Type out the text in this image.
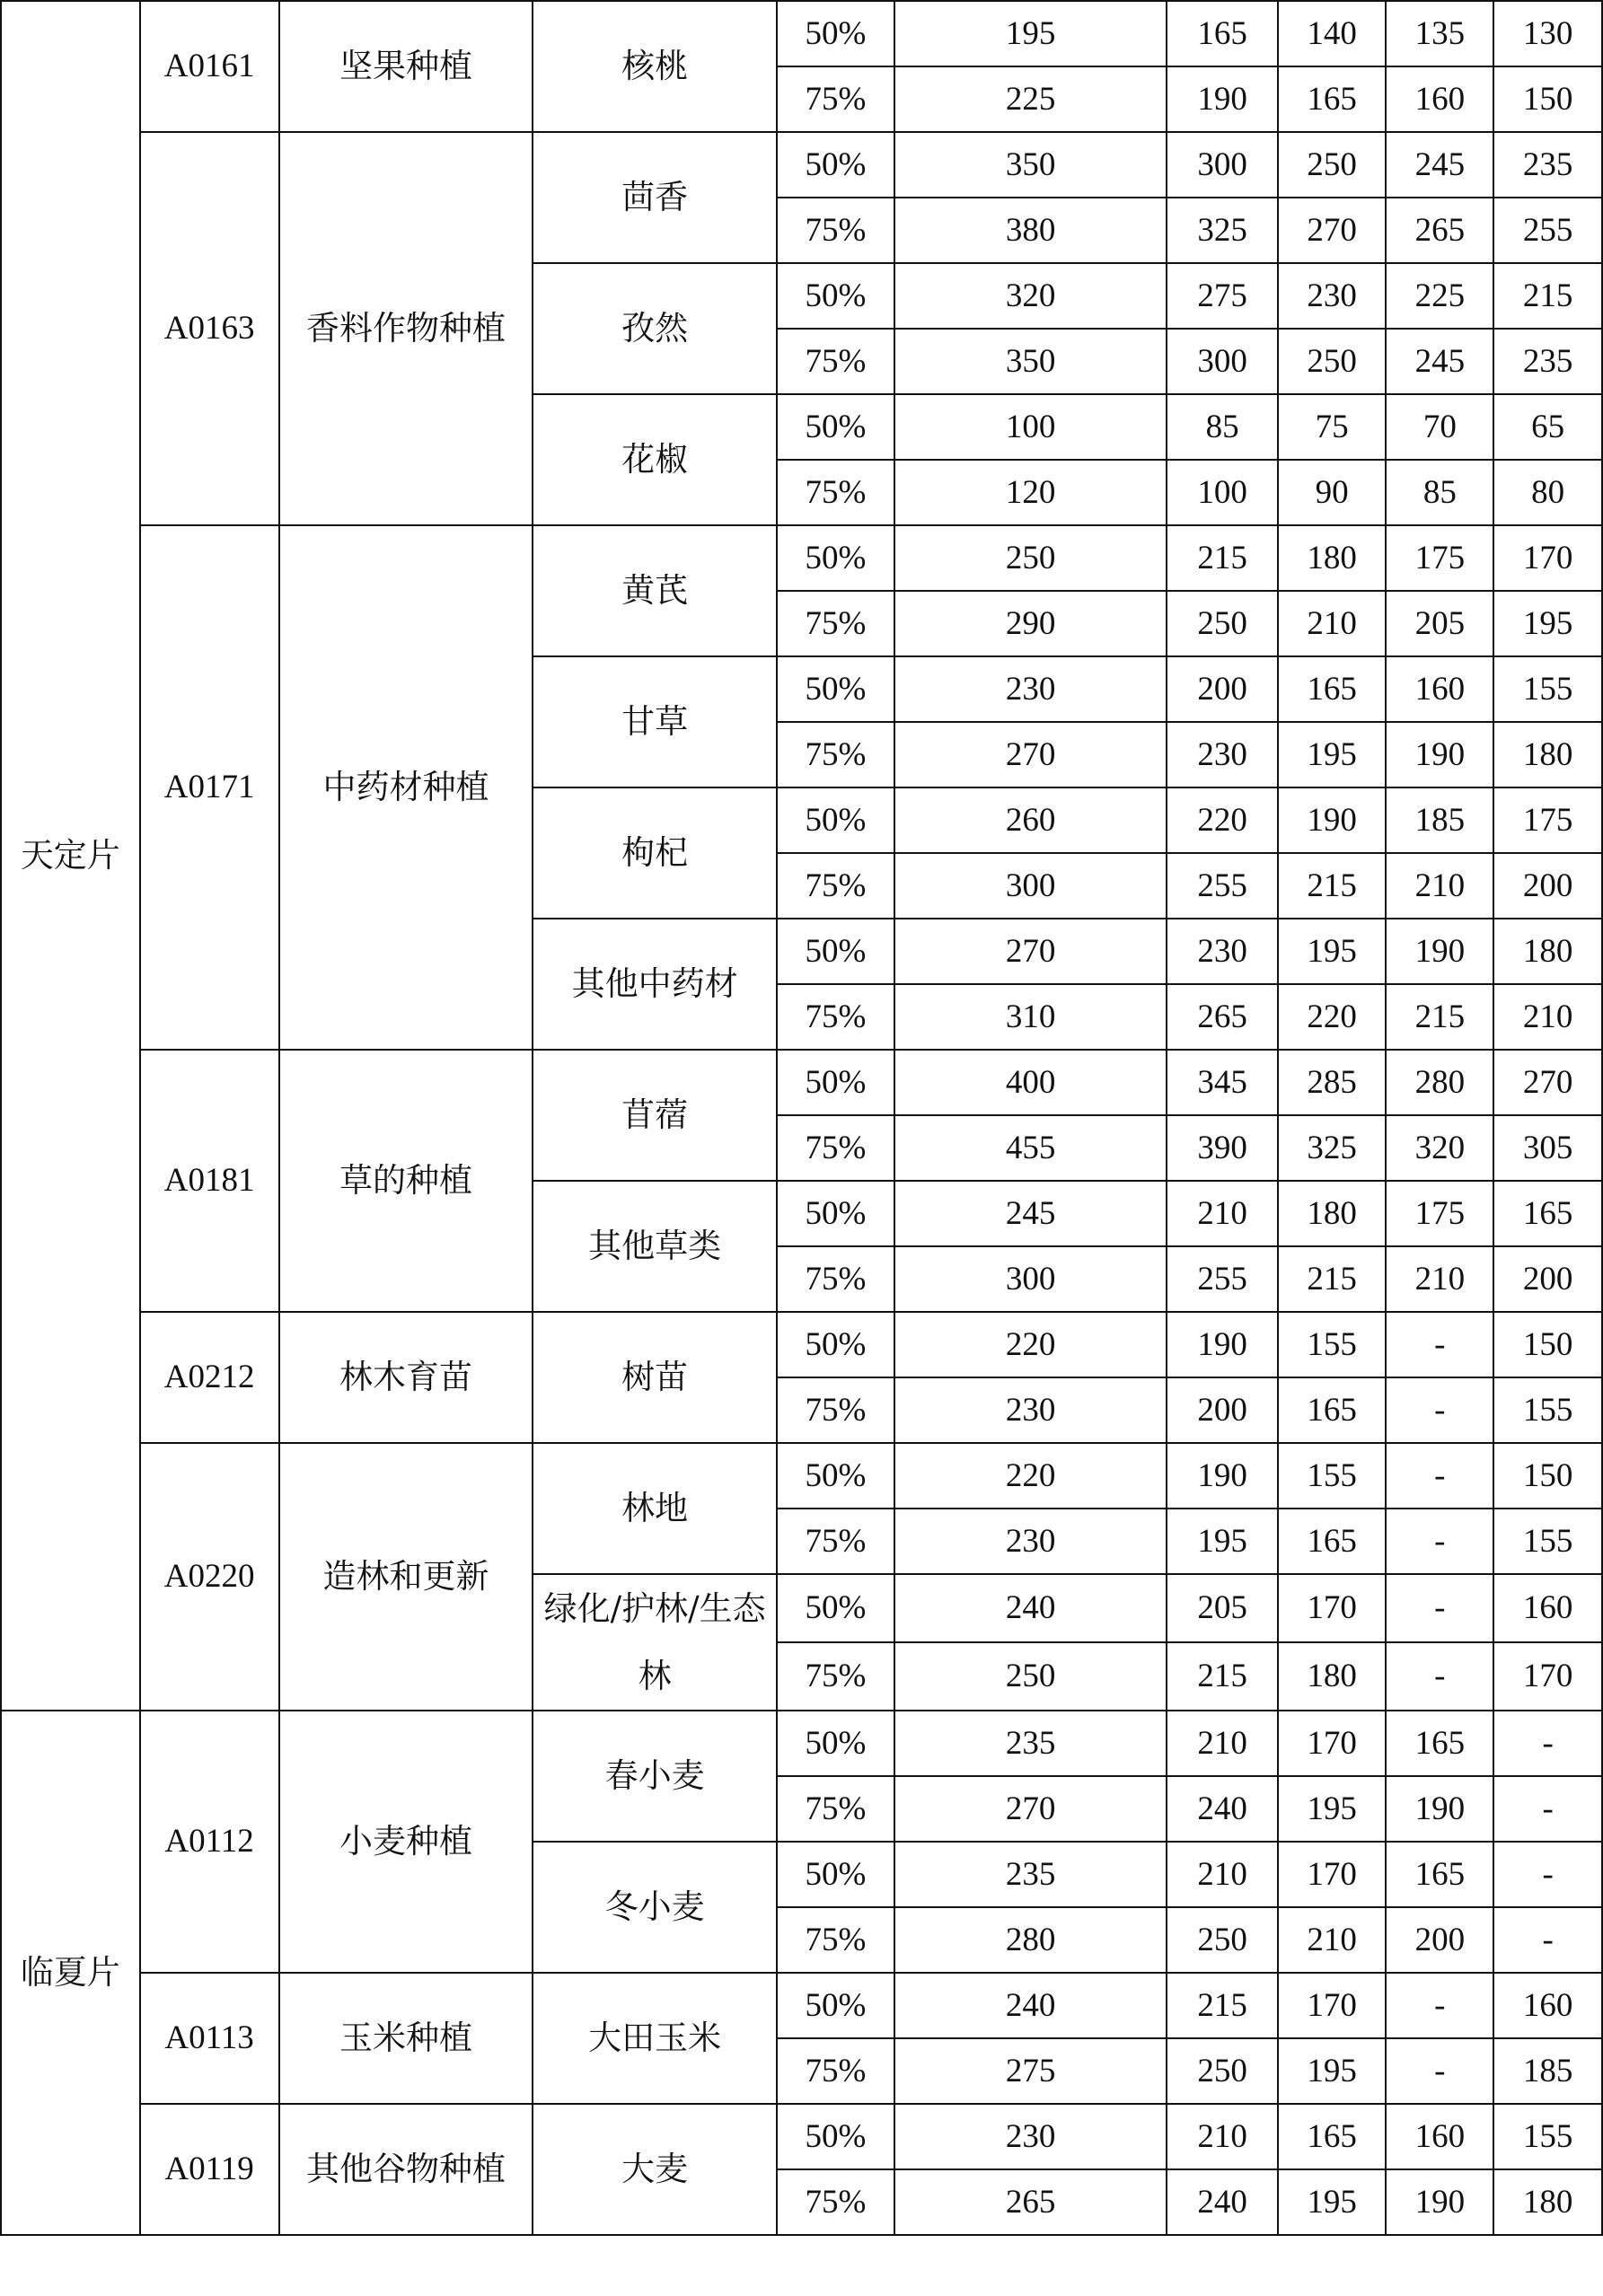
天定片	A0161	坚果种植	核桃	50%	195	165	140	135	130
				75%	225	190	165	160	150
	A0163	香料作物种植	茴香	50%	350	300	250	245	235
				75%	380	325	270	265	255
			孜然	50%	320	275	230	225	215
				75%	350	300	250	245	235
			花椒	50%	100	85	75	70	65
				75%	120	100	90	85	80
	A0171	中药材种植	黄芪	50%	250	215	180	175	170
				75%	290	250	210	205	195
			甘草	50%	230	200	165	160	155
				75%	270	230	195	190	180
			枸杞	50%	260	220	190	185	175
				75%	300	255	215	210	200
			其他中药材	50%	270	230	195	190	180
				75%	310	265	220	215	210
	A0181	草的种植	苜蓿	50%	400	345	285	280	270
				75%	455	390	325	320	305
			其他草类	50%	245	210	180	175	165
				75%	300	255	215	210	200
	A0212	林木育苗	树苗	50%	220	190	155	-	150
				75%	230	200	165	-	155
	A0220	造林和更新	林地	50%	220	190	155	-	150
				75%	230	195	165	-	155
			绿化/护林/生态林	50%	240	205	170	-	160
				75%	250	215	180	-	170
临夏片	A0112	小麦种植	春小麦	50%	235	210	170	165	-
				75%	270	240	195	190	-
			冬小麦	50%	235	210	170	165	-
				75%	280	250	210	200	-
	A0113	玉米种植	大田玉米	50%	240	215	170	-	160
				75%	275	250	195	-	185
	A0119	其他谷物种植	大麦	50%	230	210	165	160	155
				75%	265	240	195	190	180
